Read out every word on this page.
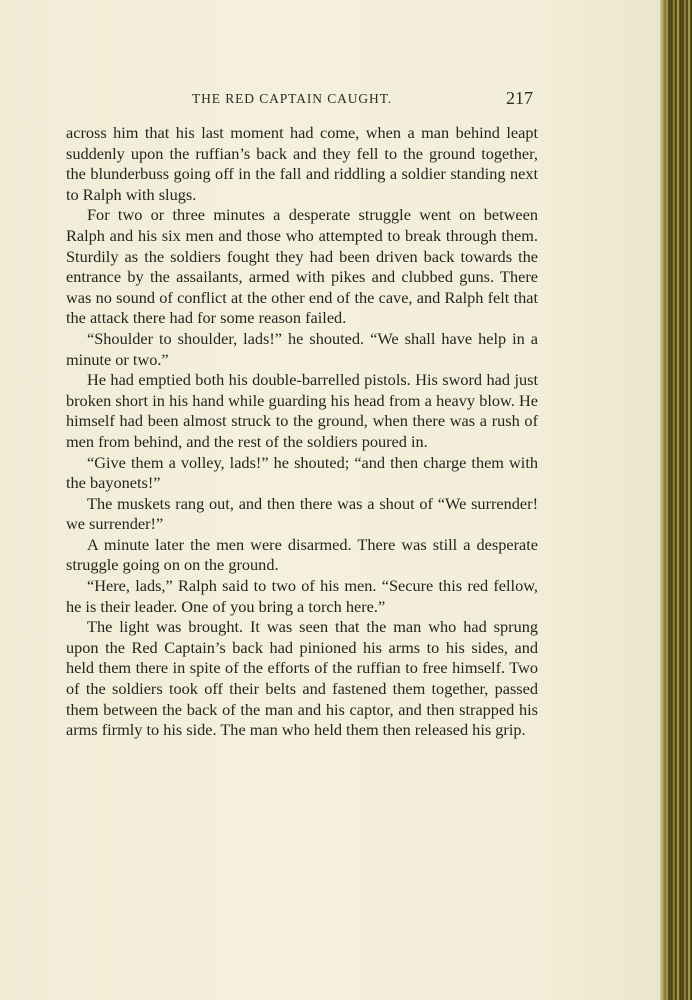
THE RED CAPTAIN CAUGHT.	217

across him that his last moment had come, when a man behind leapt suddenly upon the ruffian’s back and they fell to the ground together, the blunderbuss going off in the fall and riddling a soldier standing next to Ralph with slugs.

For two or three minutes a desperate struggle went on between Ralph and his six men and those who attempted to break through them. Sturdily as the soldiers fought they had been driven back towards the entrance by the assailants, armed with pikes and clubbed guns. There was no sound of conflict at the other end of the cave, and Ralph felt that the attack there had for some reason failed.

“Shoulder to shoulder, lads!” he shouted. “We shall have help in a minute or two.”

He had emptied both his double-barrelled pistols. His sword had just broken short in his hand while guarding his head from a heavy blow. He himself had been almost struck to the ground, when there was a rush of men from behind, and the rest of the soldiers poured in.

“Give them a volley, lads!” he shouted; “and then charge them with the bayonets!”

The muskets rang out, and then there was a shout of “We surrender! we surrender!”

A minute later the men were disarmed. There was still a desperate struggle going on on the ground.

“Here, lads,” Ralph said to two of his men. “Secure this red fellow, he is their leader. One of you bring a torch here.”

The light was brought. It was seen that the man who had sprung upon the Red Captain’s back had pinioned his arms to his sides, and held them there in spite of the efforts of the ruffian to free himself. Two of the soldiers took off their belts and fastened them together, passed them between the back of the man and his captor, and then strapped his arms firmly to his side. The man who held them then released his grip.
